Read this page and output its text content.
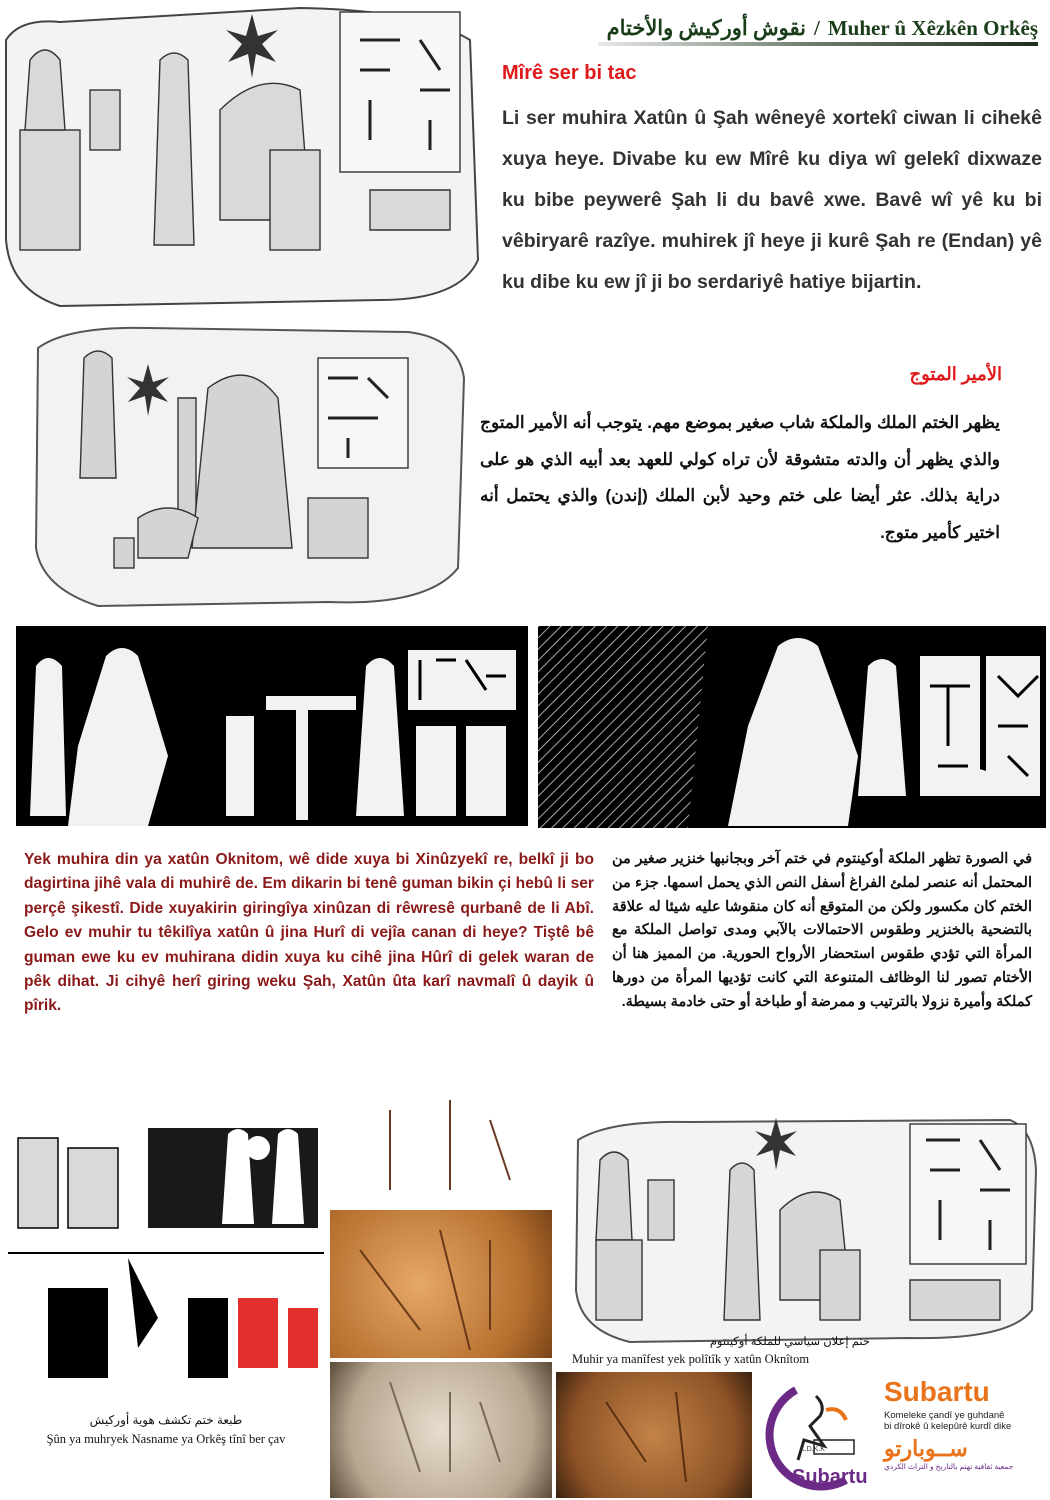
نقوش أوركيش والأختام / Muher û Xêzkên Orkêş
Mîrê ser bi tac
Li ser muhira Xatûn û Şah wêneyê xortekî ciwan li cihekê xuya heye. Divabe ku ew Mîrê ku diya wî gelekî dixwaze ku bibe peywerê Şah li du bavê xwe. Bavê wî yê ku bi vêbiryarê razîye. muhirek jî heye ji kurê Şah re (Endan) yê ku dibe ku ew jî ji bo serdariyê hatiye bijartin.
الأمير المتوج
يظهر الختم الملك والملكة شاب صغير بموضع مهم. يتوجب أنه الأمير المتوج والذي يظهر أن والدته متشوقة لأن تراه كولي للعهد بعد أبيه الذي هو على دراية بذلك. عثر أيضا على ختم وحيد لأبن الملك (إندن) والذي يحتمل أنه اختير كأمير متوج.
Yek muhira din ya xatûn Oknitom, wê dide xuya bi Xinûzyekî re, belkî ji bo dagirtina jihê vala di muhirê de. Em dikarin bi tenê guman bikin çi hebû li ser perçê şikestî. Dide xuyakirin giringîya xinûzan di rêwresê qurbanê de li Abî. Gelo ev muhir tu têkilîya xatûn û jina Hurî di vejîa canan di heye? Tiştê bê guman ewe ku ev muhirana didin xuya ku cihê jina Hûrî di gelek waran de pêk dihat. Ji cihyê herî giring weku Şah, Xatûn ûta karî navmalî û dayik û pîrik.
في الصورة تظهر الملكة أوكينتوم في ختم آخر وبجانبها خنزير صغير من المحتمل أنه عنصر لملئ الفراغ أسفل النص الذي يحمل اسمها. جزء من الختم كان مكسور ولكن من المتوقع أنه كان منقوشا عليه شيئا له علاقة بالتضحية بالخنزير وطقوس الاحتمالات بالآبي ومدى تواصل الملكة مع المرأة التي تؤدي طقوس استحضار الأرواح الحورية. من المميز هنا أن الأختام تصور لنا الوظائف المتنوعة التي كانت تؤديها المرأة من دورها كملكة وأميرة نزولا بالترتيب و ممرضة أو طباخة أو حتى خادمة بسيطة.
طبعة ختم تكشف هوية أوركيش
Şûn ya muhryek Nasname ya Orkêş tînî ber çav
ختم إعلان سياسي للملكة أوكينتوم
Muhir ya manîfest yek polîtîk y xatûn Oknîtom
K.D.K.K
Subartu
Subartu
Komeleke çandî ye guhdanê
bi dîrokê û kelepûrê kurdî dike
ســوبارتو
جمعية ثقافية تهتم بالتاريخ و التراث الكردي
